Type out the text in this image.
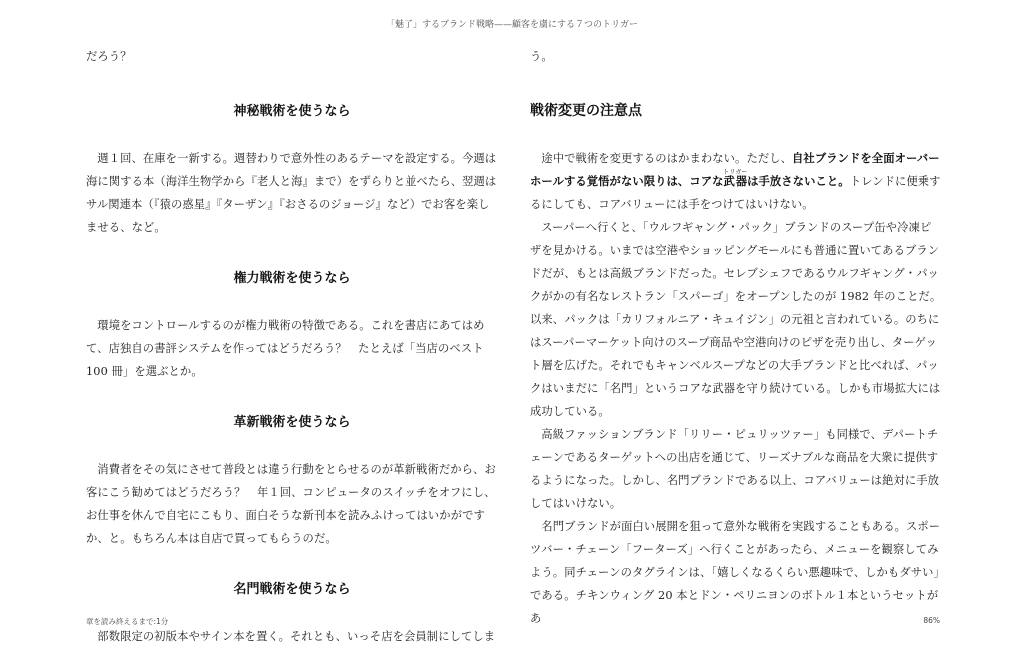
「魅了」するブランド戦略——顧客を虜にする７つのトリガー

だろう？

神秘戦術を使うなら

週１回、在庫を一新する。週替わりで意外性のあるテーマを設定する。今週は海に関する本（海洋生物学から『老人と海』まで）をずらりと並べたら、翌週はサル関連本（『猿の惑星』『ターザン』『おさるのジョージ』など）でお客を楽しませる、など。

権力戦術を使うなら

環境をコントロールするのが権力戦術の特徴である。これを書店にあてはめて、店独自の書評システムを作ってはどうだろう？　たとえば「当店のベスト 100 冊」を選ぶとか。

革新戦術を使うなら

消費者をその気にさせて普段とは違う行動をとらせるのが革新戦術だから、お客にこう勧めてはどうだろう？　年１回、コンピュータのスイッチをオフにし、お仕事を休んで自宅にこもり、面白そうな新刊本を読みふけってはいかがですか、と。もちろん本は自店で買ってもらうのだ。

名門戦術を使うなら

部数限定の初版本やサイン本を置く。それとも、いっそ店を会員制にしてしま

う。

戦術変更の注意点

途中で戦術を変更するのはかまわない。ただし、自社ブランドを全面オーバーホールする覚悟がない限りは、コアな武器トリガーは手放さないこと。トレンドに便乗するにしても、コアバリューには手をつけてはいけない。

スーパーへ行くと、「ウルフギャング・パック」ブランドのスープ缶や冷凍ピザを見かける。いまでは空港やショッピングモールにも普通に置いてあるブランドだが、もとは高級ブランドだった。セレブシェフであるウルフギャング・パックがかの有名なレストラン「スパーゴ」をオープンしたのが 1982 年のことだ。以来、パックは「カリフォルニア・キュイジン」の元祖と言われている。のちにはスーパーマーケット向けのスープ商品や空港向けのピザを売り出し、ターゲット層を広げた。それでもキャンベルスープなどの大手ブランドと比べれば、パックはいまだに「名門」というコアな武器を守り続けている。しかも市場拡大には成功している。

高級ファッションブランド「リリー・ピュリッツァー」も同様で、デパートチェーンであるターゲットへの出店を通じて、リーズナブルな商品を大衆に提供するようになった。しかし、名門ブランドである以上、コアバリューは絶対に手放してはいけない。

名門ブランドが面白い展開を狙って意外な戦術を実践することもある。スポーツバー・チェーン「フーターズ」へ行くことがあったら、メニューを観察してみよう。同チェーンのタグラインは、「嬉しくなるくらい悪趣味で、しかもダサい」である。チキンウィング 20 本とドン・ペリニヨンのボトル１本というセットがあ

章を読み終えるまで:1分	86%
